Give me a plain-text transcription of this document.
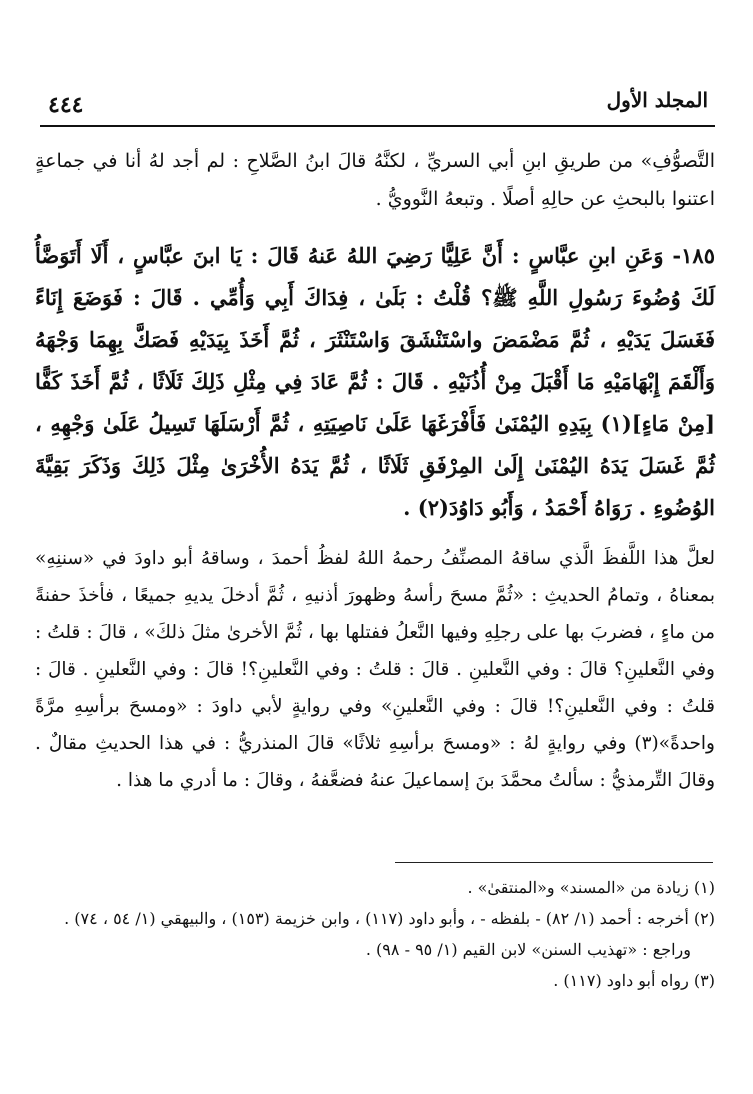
المجلد الأول
٤٤٤

التَّصوُّفِ» من طريقِ ابنِ أبي السريِّ ، لكنَّهُ قالَ ابنُ الصَّلاحِ : لم أجد لهُ أنا في جماعةٍ اعتنوا بالبحثِ عن حالِهِ أصلًا . وتبعهُ النَّوويُّ .

١٨٥- وَعَنِ ابنِ عبَّاسٍ : أَنَّ عَلِيًّا رَضِيَ اللهُ عَنهُ قَالَ : يَا ابنَ عبَّاسٍ ، أَلَا أَتَوَضَّأُ لَكَ وُضُوءَ رَسُولِ اللَّهِ ﷺ؟ قُلْتُ : بَلَىٰ ، فِدَاكَ أَبِي وَأُمِّي . قَالَ : فَوَضَعَ إِنَاءً فَغَسَلَ يَدَيْهِ ، ثُمَّ مَضْمَضَ واسْتَنْشَقَ وَاسْتَنْثَرَ ، ثُمَّ أَخَذَ بِيَدَيْهِ فَصَكَّ بِهِمَا وَجْهَهُ وَأَلْقَمَ إِبْهَامَيْهِ مَا أَقْبَلَ مِنْ أُذُنَيْهِ . قَالَ : ثُمَّ عَادَ فِي مِثْلِ ذَلِكَ ثَلَاثًا ، ثُمَّ أَخَذَ كَفًّا [مِنْ مَاءٍ](١) بِيَدِهِ اليُمْنَىٰ فَأَفْرَغَهَا عَلَىٰ نَاصِيَتِهِ ، ثُمَّ أَرْسَلَهَا تَسِيلُ عَلَىٰ وَجْهِهِ ، ثُمَّ غَسَلَ يَدَهُ اليُمْنَىٰ إِلَىٰ المِرْفَقِ ثَلَاثًا ، ثُمَّ يَدَهُ الأُخْرَىٰ مِثْلَ ذَلِكَ وَذَكَرَ بَقِيَّةَ الوُضُوءِ . رَوَاهُ أَحْمَدُ ، وَأَبُو دَاوُدَ(٢) .

لعلَّ هذا اللَّفظَ الَّذي ساقهُ المصنِّفُ رحمهُ اللهُ لفظُ أحمدَ ، وساقهُ أبو داودَ في «سننِهِ» بمعناهُ ، وتمامُ الحديثِ : «ثُمَّ مسحَ رأسهُ وظهورَ أذنيهِ ، ثُمَّ أدخلَ يديهِ جميعًا ، فأخذَ حفنةً من ماءٍ ، فضربَ بها على رجلِهِ وفيها النَّعلُ ففتلها بها ، ثُمَّ الأخرىٰ مثلَ ذلكَ» ، قالَ : قلتُ : وفي النَّعلينِ؟ قالَ : وفي النَّعلينِ . قالَ : قلتُ : وفي النَّعلينِ؟! قالَ : وفي النَّعلينِ . قالَ : قلتُ : وفي النَّعلينِ؟! قالَ : وفي النَّعلينِ» وفي روايةٍ لأبي داودَ : «ومسحَ برأسِهِ مرَّةً واحدةً»(٣) وفي روايةٍ لهُ : «ومسحَ برأسِهِ ثلاثًا» قالَ المنذريُّ : في هذا الحديثِ مقالٌ . وقالَ التِّرمذيُّ : سألتُ محمَّدَ بنَ إسماعيلَ عنهُ فضعَّفهُ ، وقالَ : ما أدري ما هذا .

(١) زيادة من «المسند» و«المنتقىٰ» .

(٢) أخرجه : أحمد (١/ ٨٢) - بلفظه - ، وأبو داود (١١٧) ، وابن خزيمة (١٥٣) ، والبيهقي (١/ ٥٤ ، ٧٤) .

وراجع : «تهذيب السنن» لابن القيم (١/ ٩٥ - ٩٨) .

(٣) رواه أبو داود (١١٧) .
